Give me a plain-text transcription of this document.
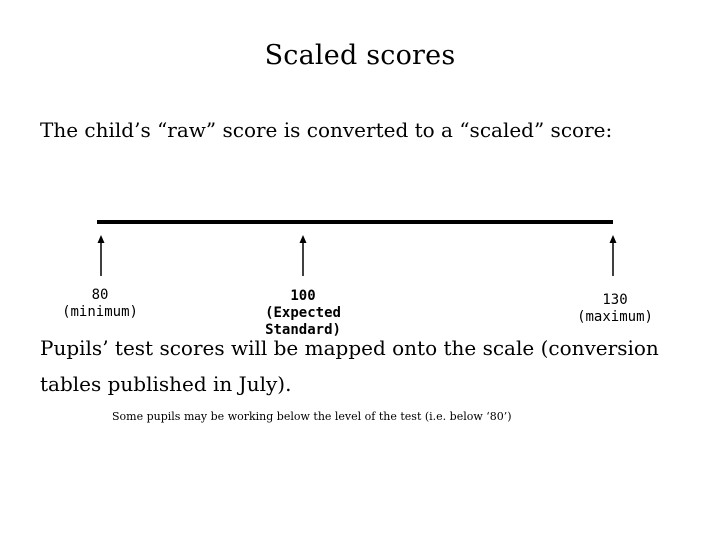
Scaled scores
The child’s “raw” score is converted to a “scaled” score:
80
(minimum)
100
(Expected Standard)
130
(maximum)
Pupils’ test scores will be mapped onto the scale (conversion tables published in July).
Some pupils may be working below the level of the test (i.e. below ‘80’)
